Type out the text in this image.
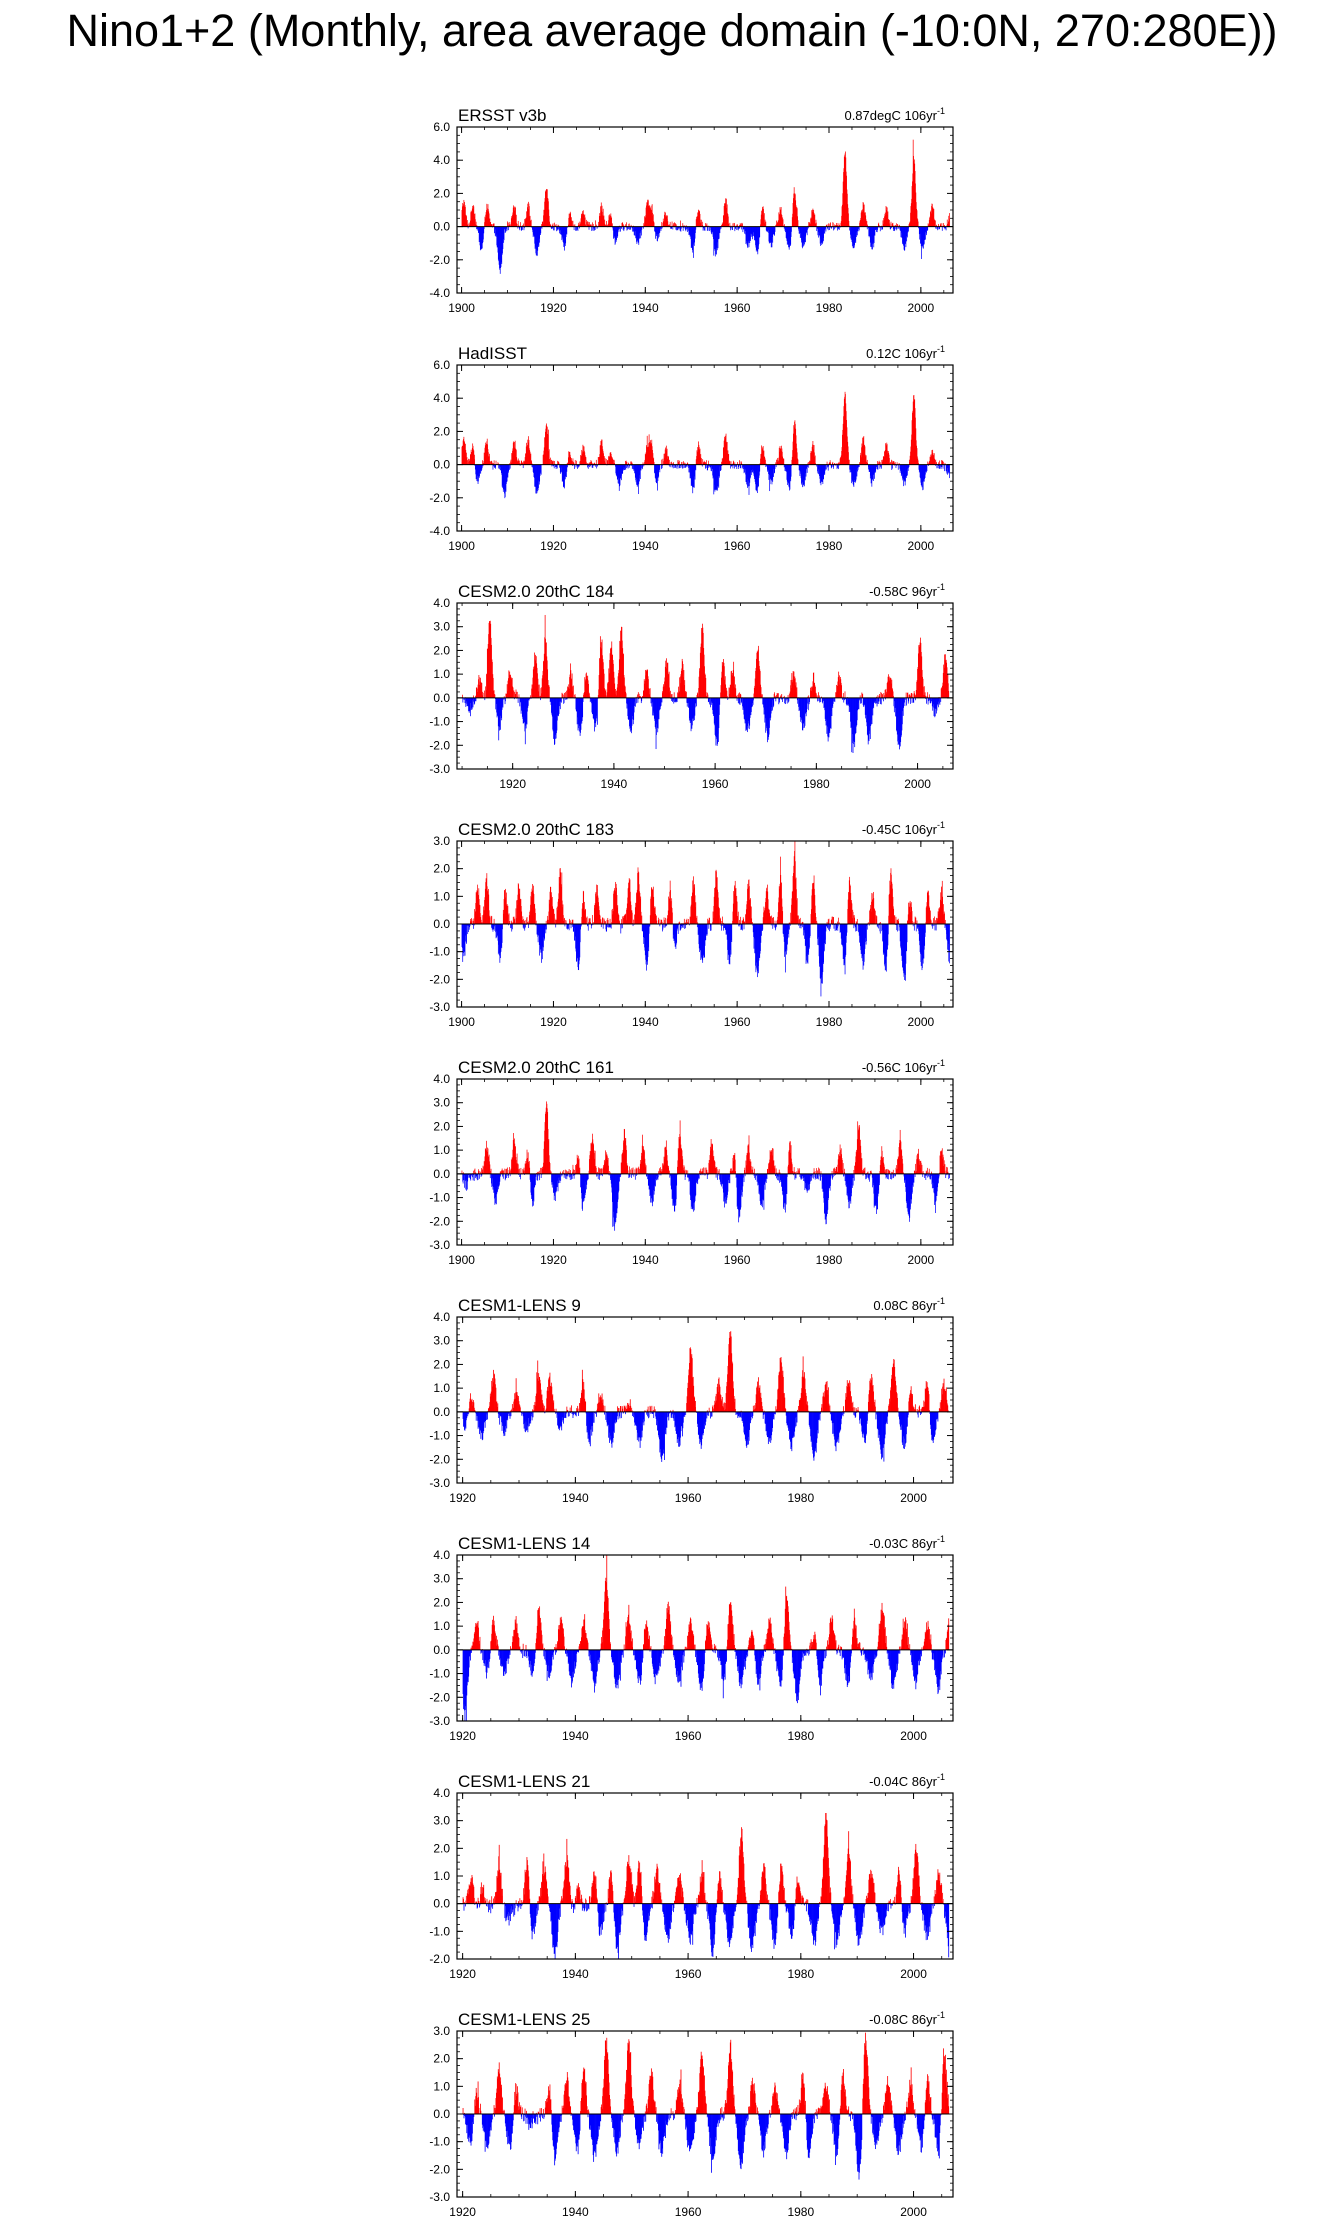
Nino1+2 (Monthly, area average domain (-10:0N, 270:280E))
6.0
4.0
2.0
0.0
-2.0
-4.0
1900	1920	1940	1960	1980	2000
ERSST v3b	0.87degC $106yr^{-1}$
6.0
4.0
2.0
0.0
-2.0
-4.0
1900	1920	1940	1960	1980	2000
HadISST	0.12C $106yr^{-1}$
4.0
3.0
2.0
1.0
0.0
-1.0
-2.0
-3.0
1920	1940	1960	1980	2000
CESM2.0 20thC 184	-0.58C $96yr^{-1}$
3.0
2.0
1.0
0.0
-1.0
-2.0
-3.0
1900	1920	1940	1960	1980	2000
CESM2.0 20thC 183	-0.45C $106yr^{-1}$
4.0
3.0
2.0
1.0
0.0
-1.0
-2.0
-3.0
1900	1920	1940	1960	1980	2000
CESM2.0 20thC 161	-0.56C $106yr^{-1}$
4.0
3.0
2.0
1.0
0.0
-1.0
-2.0
-3.0
1920	1940	1960	1980	2000
CESM1-LENS 9	0.08C $86yr^{-1}$
4.0
3.0
2.0
1.0
0.0
-1.0
-2.0
-3.0
1920	1940	1960	1980	2000
CESM1-LENS 14	-0.03C $86yr^{-1}$
4.0
3.0
2.0
1.0
0.0
-1.0
-2.0
1920	1940	1960	1980	2000
CESM1-LENS 21	-0.04C $86yr^{-1}$
3.0
2.0
1.0
0.0
-1.0
-2.0
-3.0
1920	1940	1960	1980	2000
CESM1-LENS 25	-0.08C $86yr^{-1}$
